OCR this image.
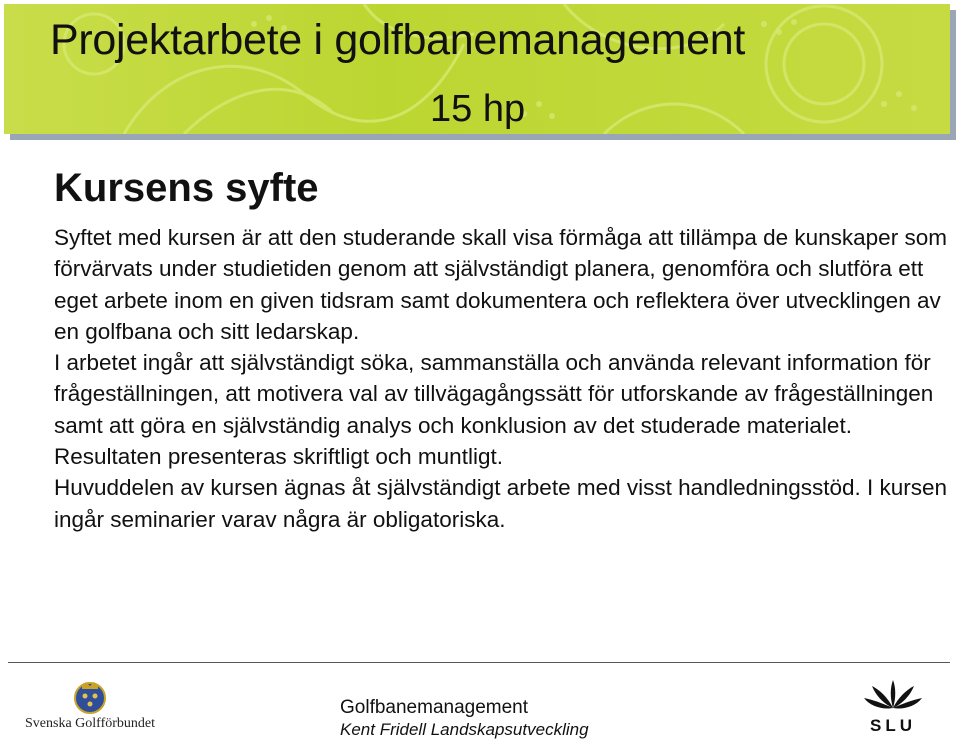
Projektarbete i golfbanemanagement
15 hp
Kursens syfte

Syftet med kursen är att den studerande skall visa förmåga att tillämpa de kunskaper som förvärvats under studietiden genom att självständigt planera, genomföra och slutföra ett eget arbete inom en given tidsram samt dokumentera och reflektera över utvecklingen av en golfbana och sitt ledarskap.

I arbetet ingår att självständigt söka, sammanställa och använda relevant information för frågeställningen, att motivera val av tillvägagångssätt för utforskande av frågeställningen samt att göra en självständig analys och konklusion av det studerade materialet. Resultaten presenteras skriftligt och muntligt.

Huvuddelen av kursen ägnas åt självständigt arbete med visst handledningsstöd. I kursen ingår seminarier varav några är obligatoriska.

Svenska Golfförbundet
Golfbanemanagement
Kent Fridell Landskapsutveckling	SLU
